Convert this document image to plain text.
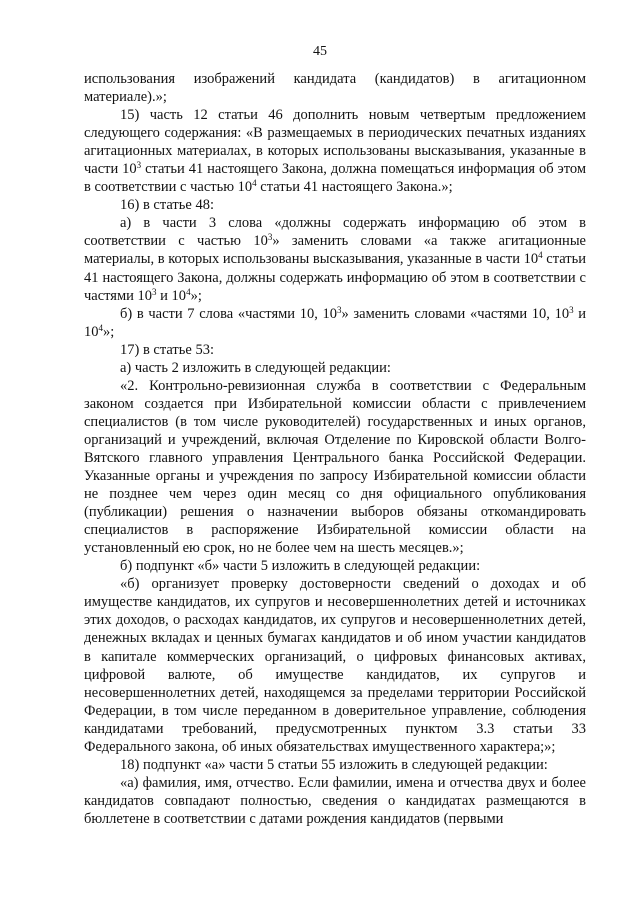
45

использования изображений кандидата (кандидатов) в агитационном материале).»;

15) часть 12 статьи 46 дополнить новым четвертым предложением следующего содержания: «В размещаемых в периодических печатных изданиях агитационных материалах, в которых использованы высказывания, указанные в части $10^3$ статьи 41 настоящего Закона, должна помещаться информация об этом в соответствии с частью $10^4$ статьи 41 настоящего Закона.»;

16) в статье 48:

а) в части 3 слова «должны содержать информацию об этом в соответствии с частью $10^3$» заменить словами «а также агитационные материалы, в которых использованы высказывания, указанные в части $10^4$ статьи 41 настоящего Закона, должны содержать информацию об этом в соответствии с частями $10^3$ и $10^4$»;

б) в части 7 слова «частями 10, $10^3$» заменить словами «частями 10, $10^3$ и $10^4$»;

17) в статье 53:

а) часть 2 изложить в следующей редакции:

«2. Контрольно-ревизионная служба в соответствии с Федеральным законом создается при Избирательной комиссии области с привлечением специалистов (в том числе руководителей) государственных и иных органов, организаций и учреждений, включая Отделение по Кировской области Волго-Вятского главного управления Центрального банка Российской Федерации. Указанные органы и учреждения по запросу Избирательной комиссии области не позднее чем через один месяц со дня официального опубликования (публикации) решения о назначении выборов обязаны откомандировать специалистов в распоряжение Избирательной комиссии области на установленный ею срок, но не более чем на шесть месяцев.»;

б) подпункт «б» части 5 изложить в следующей редакции:

«б) организует проверку достоверности сведений о доходах и об имуществе кандидатов, их супругов и несовершеннолетних детей и источниках этих доходов, о расходах кандидатов, их супругов и несовершеннолетних детей, денежных вкладах и ценных бумагах кандидатов и об ином участии кандидатов в капитале коммерческих организаций, о цифровых финансовых активах, цифровой валюте, об имуществе кандидатов, их супругов и несовершеннолетних детей, находящемся за пределами территории Российской Федерации, в том числе переданном в доверительное управление, соблюдения кандидатами требований, предусмотренных пунктом 3.3 статьи 33 Федерального закона, об иных обязательствах имущественного характера;»;

18) подпункт «а» части 5 статьи 55 изложить в следующей редакции:

«а) фамилия, имя, отчество. Если фамилии, имена и отчества двух и более кандидатов совпадают полностью, сведения о кандидатах размещаются в бюллетене в соответствии с датами рождения кандидатов (первыми
